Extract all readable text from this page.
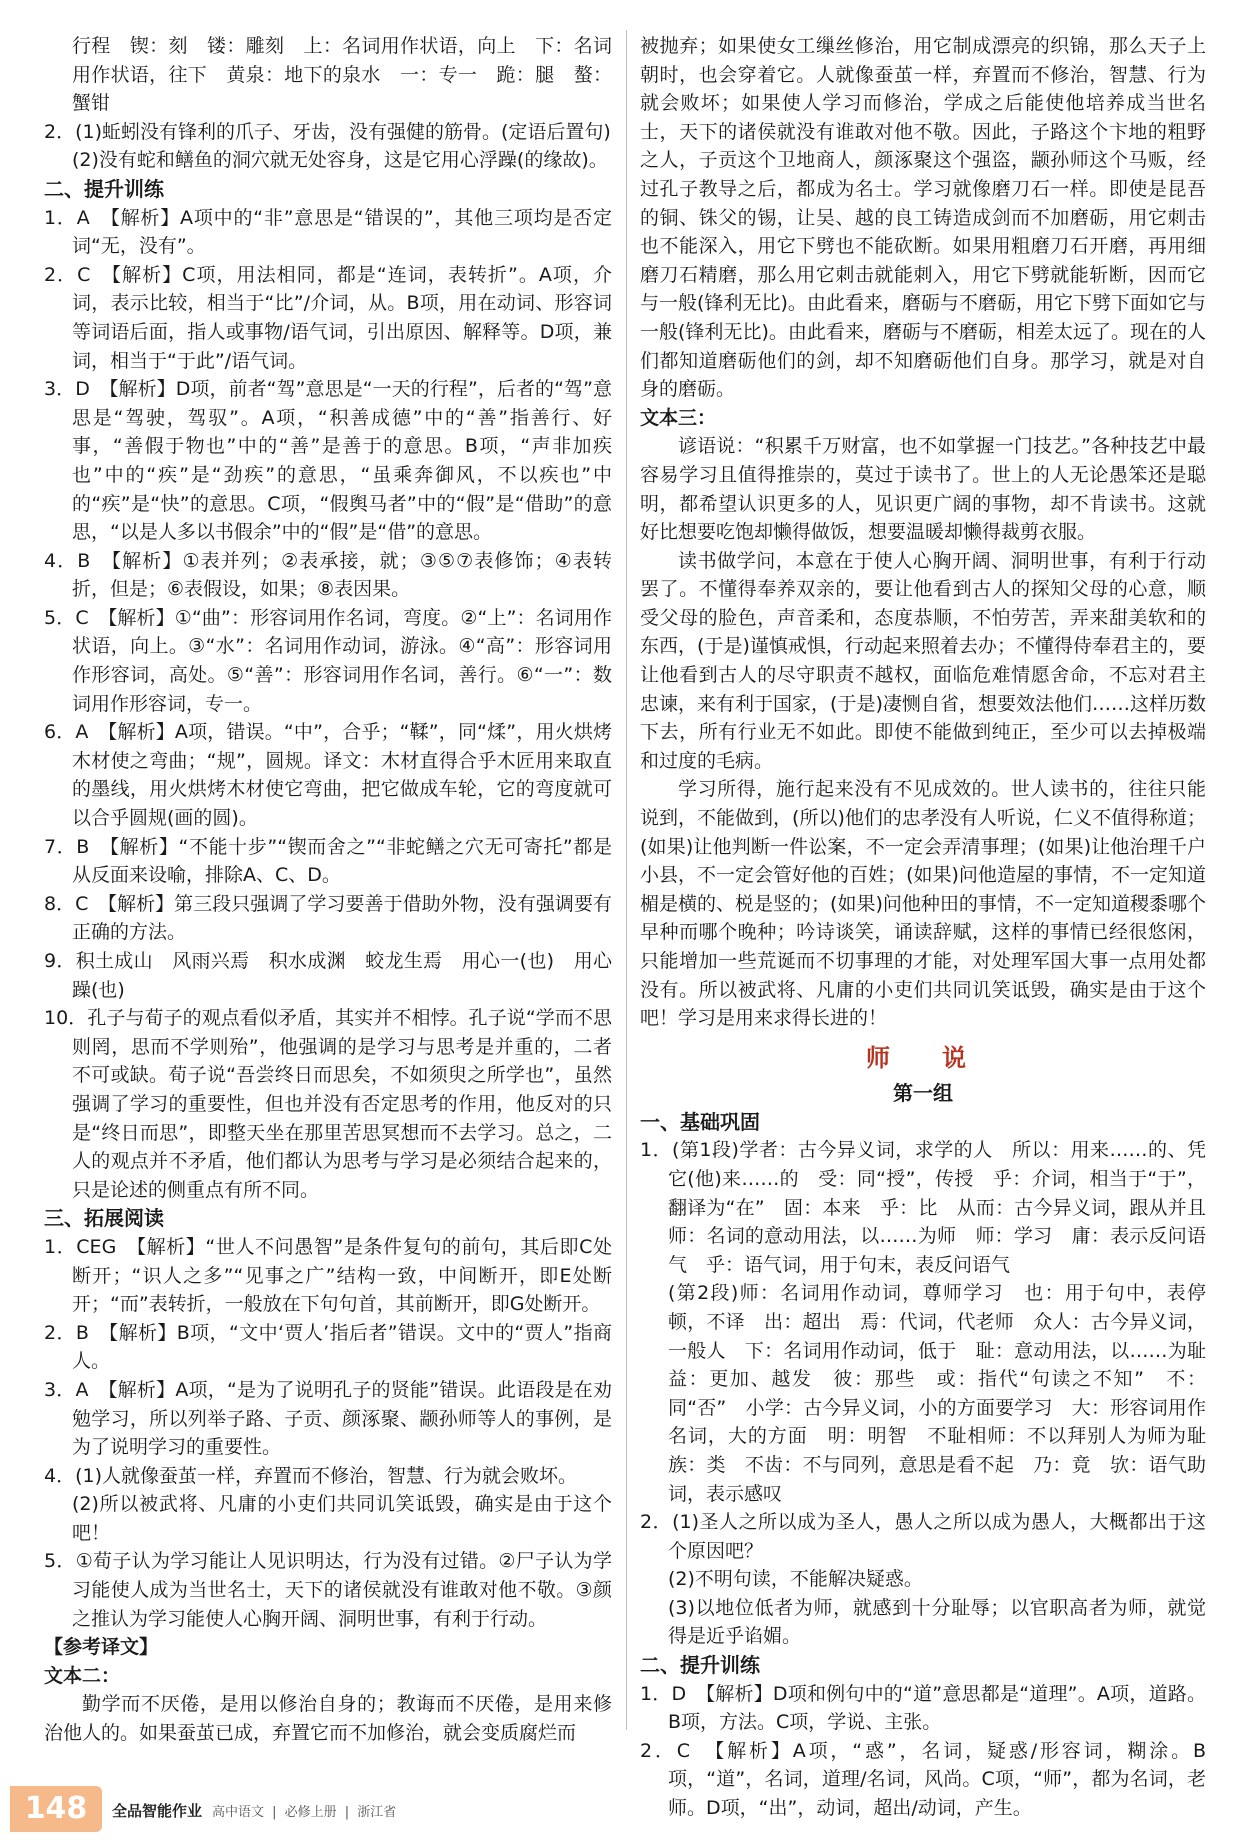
行程　锲：刻　镂：雕刻　上：名词用作状语，向上　下：名词用作状语，往下　黄泉：地下的泉水　一：专一　跪：腿　螯：蟹钳

2．(1)蚯蚓没有锋利的爪子、牙齿，没有强健的筋骨。(定语后置句)

(2)没有蛇和鳝鱼的洞穴就无处容身，这是它用心浮躁(的缘故)。

二、提升训练

1．A　【解析】A项中的“非”意思是“错误的”，其他三项均是否定词“无，没有”。

2．C　【解析】C项，用法相同，都是“连词，表转折”。A项，介词，表示比较，相当于“比”/介词，从。B项，用在动词、形容词等词语后面，指人或事物/语气词，引出原因、解释等。D项，兼词，相当于“于此”/语气词。

3．D　【解析】D项，前者“驾”意思是“一天的行程”，后者的“驾”意思是“驾驶，驾驭”。A项，“积善成德”中的“善”指善行、好事，“善假于物也”中的“善”是善于的意思。B项，“声非加疾也”中的“疾”是“劲疾”的意思，“虽乘奔御风，不以疾也”中的“疾”是“快”的意思。C项，“假舆马者”中的“假”是“借助”的意思，“以是人多以书假余”中的“假”是“借”的意思。

4．B　【解析】①表并列；②表承接，就；③⑤⑦表修饰；④表转折，但是；⑥表假设，如果；⑧表因果。

5．C　【解析】①“曲”：形容词用作名词，弯度。②“上”：名词用作状语，向上。③“水”：名词用作动词，游泳。④“高”：形容词用作形容词，高处。⑤“善”：形容词用作名词，善行。⑥“一”：数词用作形容词，专一。

6．A　【解析】A项，错误。“中”，合乎；“鞣”，同“煣”，用火烘烤木材使之弯曲；“规”，圆规。译文：木材直得合乎木匠用来取直的墨线，用火烘烤木材使它弯曲，把它做成车轮，它的弯度就可以合乎圆规(画的圆)。

7．B　【解析】“不能十步”“锲而舍之”“非蛇鳝之穴无可寄托”都是从反面来设喻，排除A、C、D。

8．C　【解析】第三段只强调了学习要善于借助外物，没有强调要有正确的方法。

9．积土成山　风雨兴焉　积水成渊　蛟龙生焉　用心一(也)　用心躁(也)

10．孔子与荀子的观点看似矛盾，其实并不相悖。孔子说“学而不思则罔，思而不学则殆”，他强调的是学习与思考是并重的，二者不可或缺。荀子说“吾尝终日而思矣，不如须臾之所学也”，虽然强调了学习的重要性，但也并没有否定思考的作用，他反对的只是“终日而思”，即整天坐在那里苦思冥想而不去学习。总之，二人的观点并不矛盾，他们都认为思考与学习是必须结合起来的，只是论述的侧重点有所不同。

三、拓展阅读

1．CEG　【解析】“世人不问愚智”是条件复句的前句，其后即C处断开；“识人之多”“见事之广”结构一致，中间断开，即E处断开；“而”表转折，一般放在下句句首，其前断开，即G处断开。

2．B　【解析】B项，“文中‘贾人’指后者”错误。文中的“贾人”指商人。

3．A　【解析】A项，“是为了说明孔子的贤能”错误。此语段是在劝勉学习，所以列举子路、子贡、颜涿聚、颛孙师等人的事例，是为了说明学习的重要性。

4．(1)人就像蚕茧一样，弃置而不修治，智慧、行为就会败坏。

(2)所以被武将、凡庸的小吏们共同讥笑诋毁，确实是由于这个吧！

5．①荀子认为学习能让人见识明达，行为没有过错。②尸子认为学习能使人成为当世名士，天下的诸侯就没有谁敢对他不敬。③颜之推认为学习能使人心胸开阔、洞明世事，有利于行动。

【参考译文】

文本二：

勤学而不厌倦，是用以修治自身的；教诲而不厌倦，是用来修治他人的。如果蚕茧已成，弃置它而不加修治，就会变质腐烂而

被抛弃；如果使女工缫丝修治，用它制成漂亮的织锦，那么天子上朝时，也会穿着它。人就像蚕茧一样，弃置而不修治，智慧、行为就会败坏；如果使人学习而修治，学成之后能使他培养成当世名士，天下的诸侯就没有谁敢对他不敬。因此，子路这个卞地的粗野之人，子贡这个卫地商人，颜涿聚这个强盗，颛孙师这个马贩，经过孔子教导之后，都成为名士。学习就像磨刀石一样。即使是昆吾的铜、铢父的锡，让吴、越的良工铸造成剑而不加磨砺，用它刺击也不能深入，用它下劈也不能砍断。如果用粗磨刀石开磨，再用细磨刀石精磨，那么用它刺击就能刺入，用它下劈就能斩断，因而它与一般(锋利无比)。由此看来，磨砺与不磨砺，用它下劈下面如它与一般(锋利无比)。由此看来，磨砺与不磨砺，相差太远了。现在的人们都知道磨砺他们的剑，却不知磨砺他们自身。那学习，就是对自身的磨砺。

文本三：

谚语说：“积累千万财富，也不如掌握一门技艺。”各种技艺中最容易学习且值得推崇的，莫过于读书了。世上的人无论愚笨还是聪明，都希望认识更多的人，见识更广阔的事物，却不肯读书。这就好比想要吃饱却懒得做饭，想要温暖却懒得裁剪衣服。

读书做学问，本意在于使人心胸开阔、洞明世事，有利于行动罢了。不懂得奉养双亲的，要让他看到古人的探知父母的心意，顺受父母的脸色，声音柔和，态度恭顺，不怕劳苦，弄来甜美软和的东西，(于是)谨慎戒惧，行动起来照着去办；不懂得侍奉君主的，要让他看到古人的尽守职责不越权，面临危难情愿舍命，不忘对君主忠谏，来有利于国家，(于是)凄恻自省，想要效法他们……这样历数下去，所有行业无不如此。即使不能做到纯正，至少可以去掉极端和过度的毛病。

学习所得，施行起来没有不见成效的。世人读书的，往往只能说到，不能做到，(所以)他们的忠孝没有人听说，仁义不值得称道；(如果)让他判断一件讼案，不一定会弄清事理；(如果)让他治理千户小县，不一定会管好他的百姓；(如果)问他造屋的事情，不一定知道楣是横的、棁是竖的；(如果)问他种田的事情，不一定知道稷黍哪个早种而哪个晚种；吟诗谈笑，诵读辞赋，这样的事情已经很悠闲，只能增加一些荒诞而不切事理的才能，对处理军国大事一点用处都没有。所以被武将、凡庸的小吏们共同讥笑诋毁，确实是由于这个吧！学习是用来求得长进的！

师　说
第一组

一、基础巩固

1．(第1段)学者：古今异义词，求学的人　所以：用来……的、凭它(他)来……的　受：同“授”，传授　乎：介词，相当于“于”，翻译为“在”　固：本来　乎：比　从而：古今异义词，跟从并且　师：名词的意动用法，以……为师　师：学习　庸：表示反问语气　乎：语气词，用于句末，表反问语气

(第2段)师：名词用作动词，尊师学习　也：用于句中，表停顿，不译　出：超出　焉：代词，代老师　众人：古今异义词，一般人　下：名词用作动词，低于　耻：意动用法，以……为耻　益：更加、越发　彼：那些　或：指代“句读之不知”　不：同“否”　小学：古今异义词，小的方面要学习　大：形容词用作名词，大的方面　明：明智　不耻相师：不以拜别人为师为耻　族：类　不齿：不与同列，意思是看不起　乃：竟　欤：语气助词，表示感叹

2．(1)圣人之所以成为圣人，愚人之所以成为愚人，大概都出于这个原因吧？

(2)不明句读，不能解决疑惑。

(3)以地位低者为师，就感到十分耻辱；以官职高者为师，就觉得是近乎谄媚。

二、提升训练

1．D　【解析】D项和例句中的“道”意思都是“道理”。A项，道路。B项，方法。C项，学说、主张。

2．C　【解析】A项，“惑”，名词，疑惑/形容词，糊涂。B项，“道”，名词，道理/名词，风尚。C项，“师”，都为名词，老师。D项，“出”，动词，超出/动词，产生。

148	全品智能作业 高中语文 | 必修上册 | 浙江省
